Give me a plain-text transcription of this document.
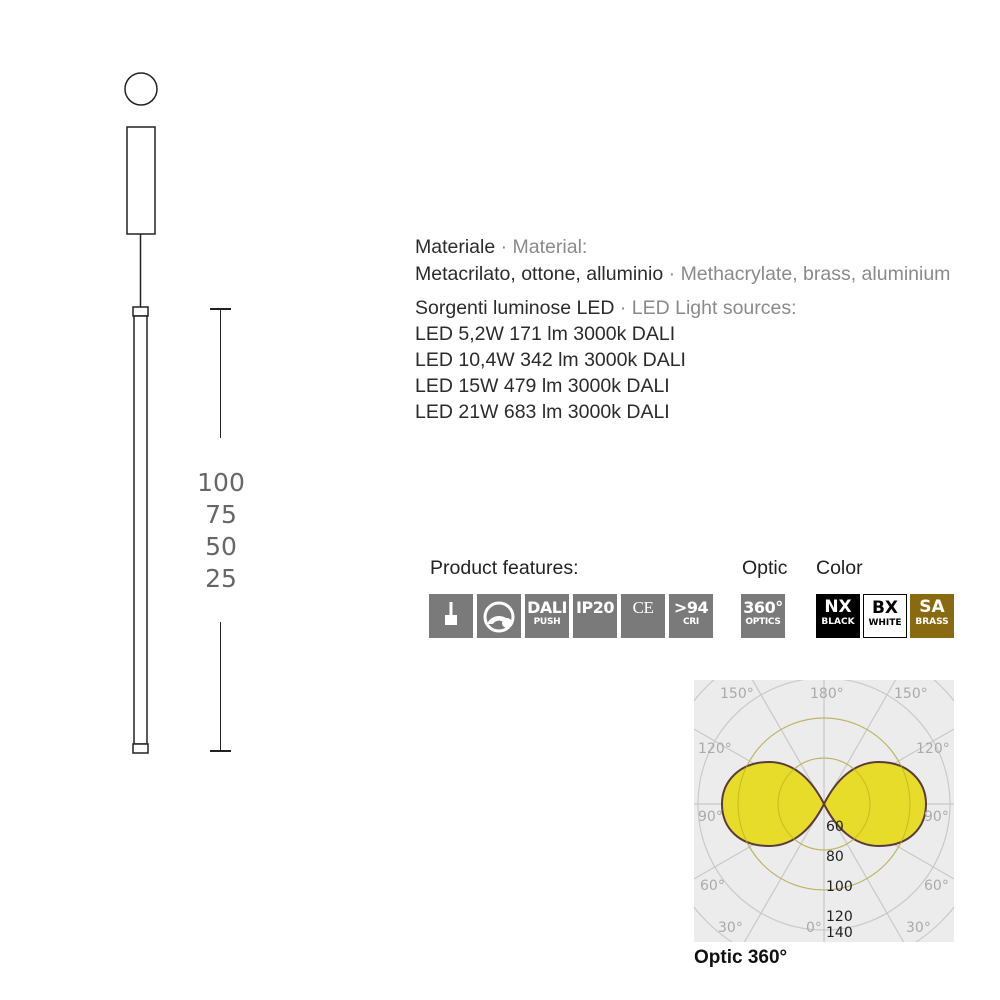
100
75
50
25
Materiale · Material:
Metacrilato, ottone, alluminio · Methacrylate, brass, aluminium
Sorgenti luminose LED · LED Light sources:
LED 5,2W 171 lm 3000k DALI
LED 10,4W 342 lm 3000k DALI
LED 15W 479 lm 3000k DALI
LED 21W 683 lm 3000k DALI
Product features:	Optic Color
DALI
PUSH
IP20	CE	>94
CRI
360°
OPTICS
NX
BLACK
BX
WHITE
SA
BRASS
150°	180°	150°
120°	120°
90°	90°
60°	60°
30°	0°	30°
60
80
100
120
140
Optic 360°
